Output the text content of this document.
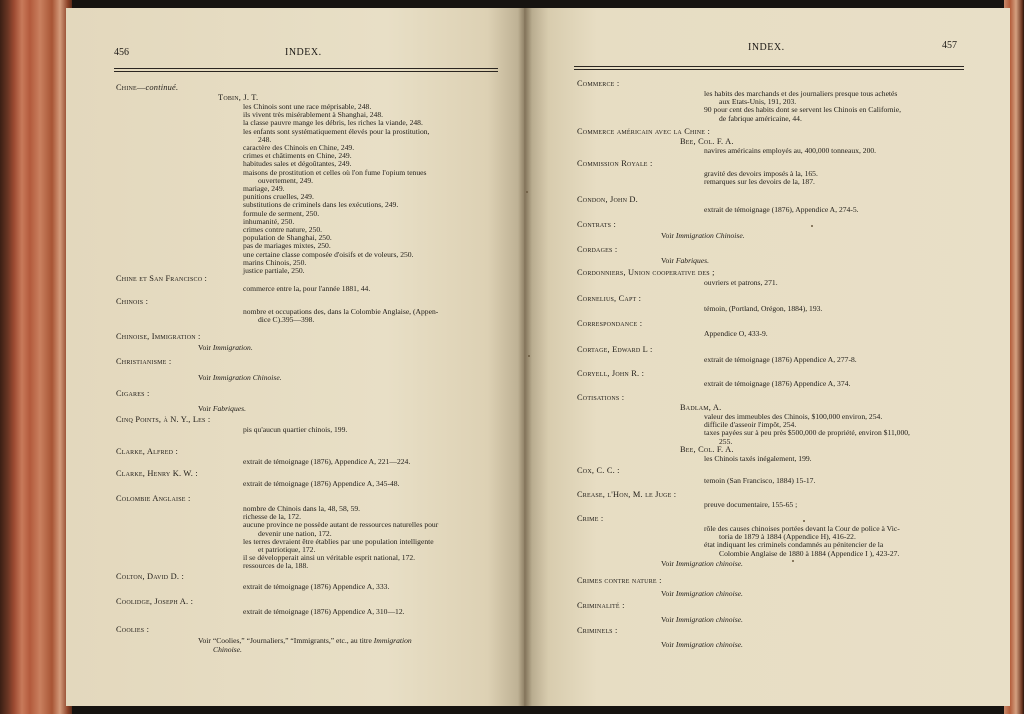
456	INDEX.	INDEX.	457
Chine—continué.
Tobin, J. T.
les Chinois sont une race méprisable, 248.
ils vivent très misérablement à Shanghai, 248.
la classe pauvre mange les débris, les riches la viande, 248.
les enfants sont systématiquement élevés pour la prostitution,
248.
caractère des Chinois en Chine, 249.
crimes et châtiments en Chine, 249.
habitudes sales et dégoûtantes, 249.
maisons de prostitution et celles où l'on fume l'opium tenues
ouvertement, 249.
mariage, 249.
punitions cruelles, 249.
substitutions de criminels dans les exécutions, 249.
formule de serment, 250.
inhumanité, 250.
crimes contre nature, 250.
population de Shanghai, 250.
pas de mariages mixtes, 250.
une certaine classe composée d'oisifs et de voleurs, 250.
marins Chinois, 250.
justice partiale, 250.
Chine et San Francisco :
commerce entre la, pour l'année 1881, 44.
Chinois :
nombre et occupations des, dans la Colombie Anglaise, (Appen-
dice C).395—398.
Chinoise, Immigration :
Voir Immigration.
Christianisme :
Voir Immigration Chinoise.
Cigares :
Voir Fabriques.
Cinq Points, à N. Y., Les :
pis qu'aucun quartier chinois, 199.
Clarke, Alfred :
extrait de témoignage (1876), Appendice A, 221—224.
Clarke, Henry K. W. :
extrait de témoignage (1876) Appendice A, 345-48.
Colombie Anglaise :
nombre de Chinois dans la, 48, 58, 59.
richesse de la, 172.
aucune province ne possède autant de ressources naturelles pour
devenir une nation, 172.
les terres devraient être établies par une population intelligente
et patriotique, 172.
il se développerait ainsi un véritable esprit national, 172.
ressources de la, 188.
Colton, David D. :
extrait de témoignage (1876) Appendice A, 333.
Coolidge, Joseph A. :
extrait de témoignage (1876) Appendice A, 310—12.
Coolies :
Voir “Coolies,” “Journaliers,” “Immigrants,” etc., au titre Immigration
Chinoise.
Commerce :
les habits des marchands et des journaliers presque tous achetés
aux Etats-Unis, 191, 203.
90 pour cent des habits dont se servent les Chinois en Californie,
de fabrique américaine, 44.
Commerce américain avec la Chine :
Bee, Col. F. A.
navires américains employés au, 400,000 tonneaux, 200.
Commission Royale :
gravité des devoirs imposés à la, 165.
remarques sur les devoirs de la, 187.
Condon, John D.
extrait de témoignage (1876), Appendice A, 274-5.
Contrats :
Voir Immigration Chinoise.
Cordages :
Voir Fabriques.
Cordonniers, Union cooperative des ;
ouvriers et patrons, 271.
Cornelius, Capt :
témoin, (Portland, Orégon, 1884), 193.
Correspondance :
Appendice O, 433-9.
Cortage, Edward L :
extrait de témoignage (1876) Appendice A, 277-8.
Coryell, John R. :
extrait de témoignage (1876) Appendice A, 374.
Cotisations :
Badlam, A.
valeur des immeubles des Chinois, $100,000 environ, 254.
difficile d'asseoir l'impôt, 254.
taxes payées sur à peu près $500,000 de propriété, environ $11,000,
255.
Bee, Col. F. A.
les Chinois taxés inégalement, 199.
Cox, C. C. :
temoin (San Francisco, 1884) 15-17.
Crease, l'Hon, M. le Juge :
preuve documentaire, 155-65 ;
Crime :
rôle des causes chinoises portées devant la Cour de police à Vic-
toria de 1879 à 1884 (Appendice H), 416-22.
état indiquant les criminels condamnés au pénitencier de la
Colombie Anglaise de 1880 à 1884 (Appendice I ), 423-27.
Voir Immigration chinoise.
Crimes contre nature :
Voir Immigration chinoise.
Criminalité :
Voir Immigration chinoise.
Criminels :
Voir Immigration chinoise.
